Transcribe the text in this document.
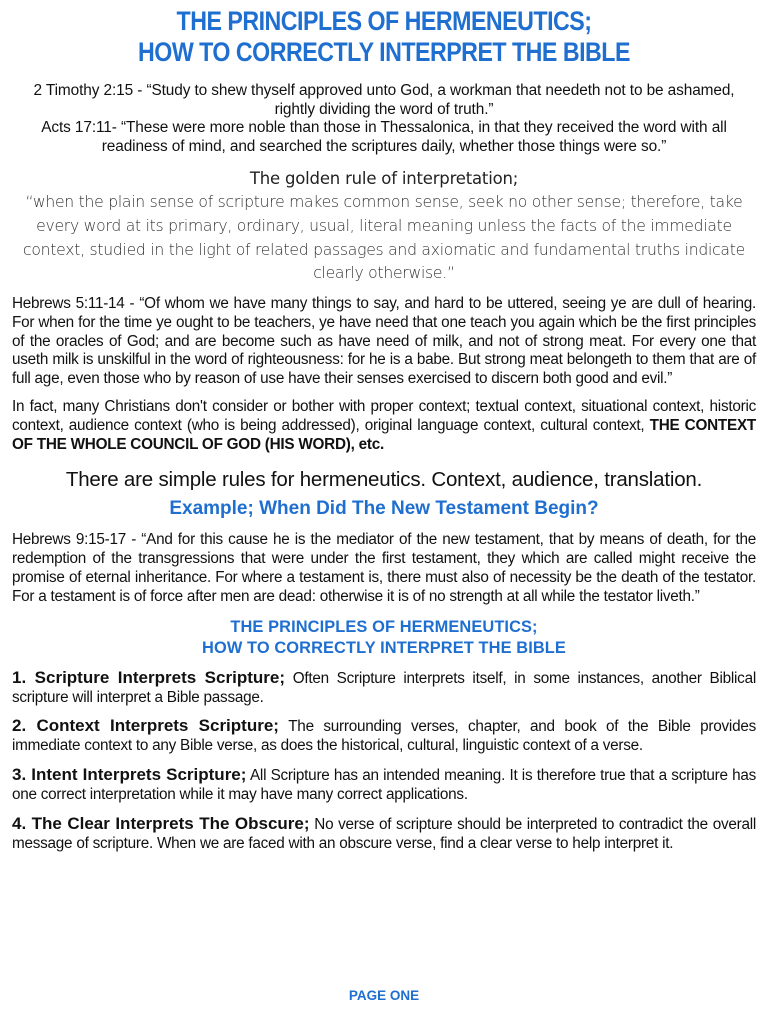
THE PRINCIPLES OF HERMENEUTICS;
HOW TO CORRECTLY INTERPRET THE BIBLE
2 Timothy 2:15 - “Study to shew thyself approved unto God, a workman that needeth not to be ashamed, rightly dividing the word of truth.”
Acts 17:11- “These were more noble than those in Thessalonica, in that they received the word with all readiness of mind, and searched the scriptures daily, whether those things were so.”
The golden rule of interpretation;
“when the plain sense of scripture makes common sense, seek no other sense; therefore, take every word at its primary, ordinary, usual, literal meaning unless the facts of the immediate context, studied in the light of related passages and axiomatic and fundamental truths indicate clearly otherwise.”
Hebrews 5:11-14 - “Of whom we have many things to say, and hard to be uttered, seeing ye are dull of hearing. For when for the time ye ought to be teachers, ye have need that one teach you again which be the first principles of the oracles of God; and are become such as have need of milk, and not of strong meat. For every one that useth milk is unskilful in the word of righteousness: for he is a babe. But strong meat belongeth to them that are of full age, even those who by reason of use have their senses exercised to discern both good and evil.”
In fact, many Christians don't consider or bother with proper context; textual context, situational context, historic context, audience context (who is being addressed), original language context, cultural context, THE CONTEXT OF THE WHOLE COUNCIL OF GOD (HIS WORD), etc.
There are simple rules for hermeneutics. Context, audience, translation.
Example; When Did The New Testament Begin?
Hebrews 9:15-17 - “And for this cause he is the mediator of the new testament, that by means of death, for the redemption of the transgressions that were under the first testament, they which are called might receive the promise of eternal inheritance. For where a testament is, there must also of necessity be the death of the testator. For a testament is of force after men are dead: otherwise it is of no strength at all while the testator liveth.”
THE PRINCIPLES OF HERMENEUTICS;
HOW TO CORRECTLY INTERPRET THE BIBLE
1. Scripture Interprets Scripture; Often Scripture interprets itself, in some instances, another Biblical scripture will interpret a Bible passage.
2. Context Interprets Scripture; The surrounding verses, chapter, and book of the Bible provides immediate context to any Bible verse, as does the historical, cultural, linguistic context of a verse.
3. Intent Interprets Scripture; All Scripture has an intended meaning. It is therefore true that a scripture has one correct interpretation while it may have many correct applications.
4. The Clear Interprets The Obscure; No verse of scripture should be interpreted to contradict the overall message of scripture. When we are faced with an obscure verse, find a clear verse to help interpret it.
PAGE ONE
